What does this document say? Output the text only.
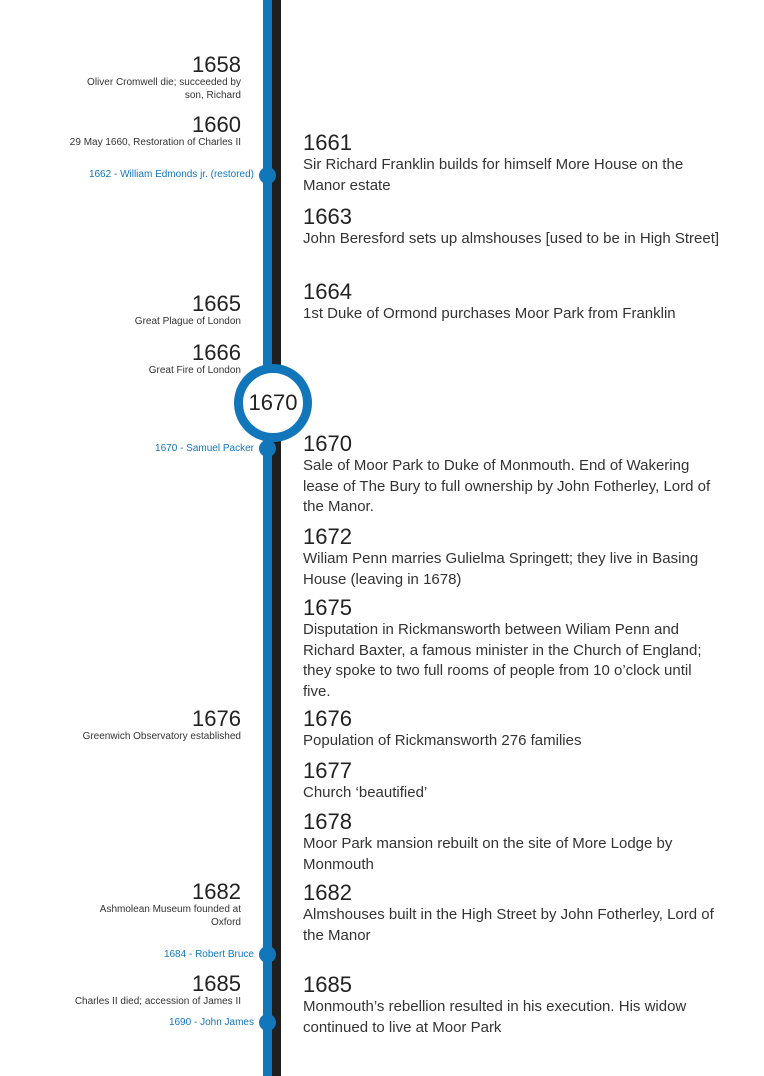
1658
Oliver Cromwell die; succeeded by son, Richard
1660
29 May 1660, Restoration of Charles II
1665
Great Plague of London
1666
Great Fire of London
1676
Greenwich Observatory established
1682
Ashmolean Museum founded at Oxford
1685
Charles II died; accession of James II
1662 - William Edmonds jr. (restored)
1670 - Samuel Packer
1684 - Robert Bruce
1690 - John James
1670
1661
Sir Richard Franklin builds for himself More House on the Manor estate
1663
John Beresford sets up almshouses [used to be in High Street]
1664
1st Duke of Ormond purchases Moor Park from Franklin
1670
Sale of Moor Park to Duke of Monmouth. End of Wakering lease of The Bury to full ownership by John Fotherley, Lord of the Manor.
1672
Wiliam Penn marries Gulielma Springett; they live in Basing House (leaving in 1678)
1675
Disputation in Rickmansworth between Wiliam Penn and Richard Baxter, a famous minister in the Church of England; they spoke to two full rooms of people from 10 o’clock until five.
1676
Population of Rickmansworth 276 families
1677
Church ‘beautified’
1678
Moor Park mansion rebuilt on the site of More Lodge by Monmouth
1682
Almshouses built in the High Street by John Fotherley, Lord of the Manor
1685
Monmouth’s rebellion resulted in his execution. His widow continued to live at Moor Park
